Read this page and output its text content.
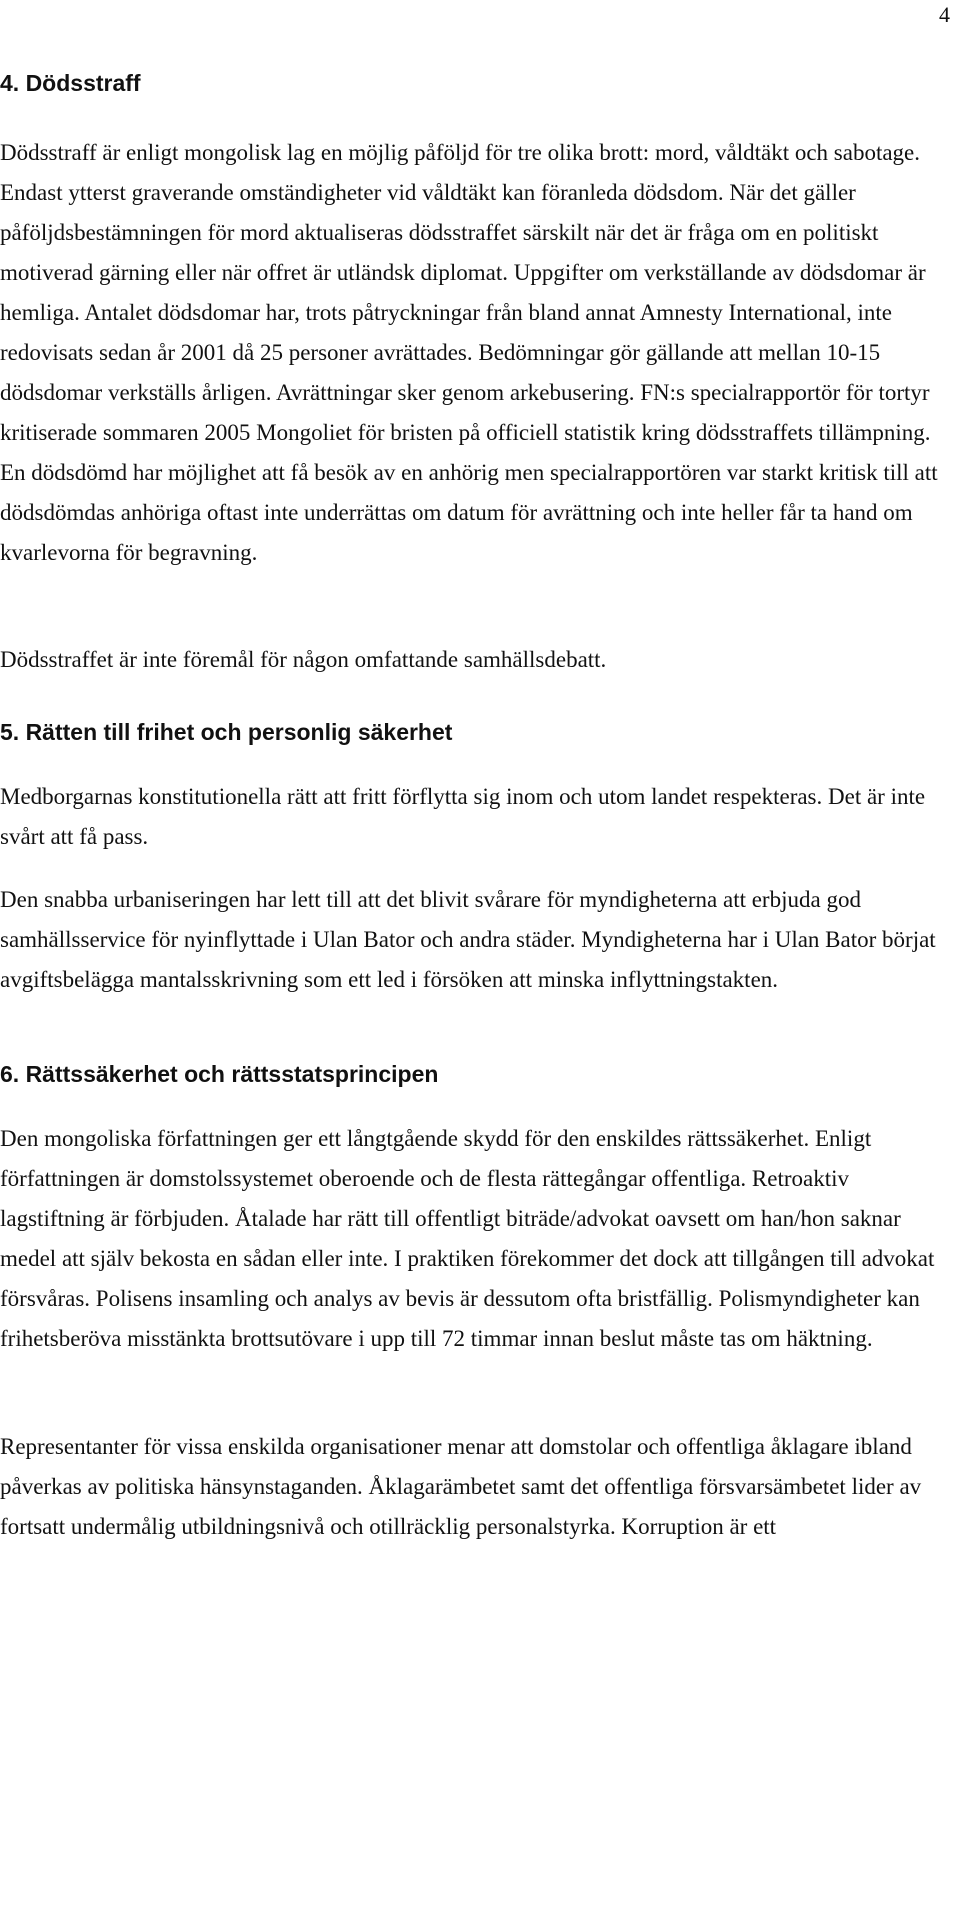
4
4. Dödsstraff

Dödsstraff är enligt mongolisk lag en möjlig påföljd för tre olika brott: mord, våldtäkt och sabotage. Endast ytterst graverande omständigheter vid våldtäkt kan föranleda dödsdom. När det gäller påföljdsbestämningen för mord aktualiseras dödsstraffet särskilt när det är fråga om en politiskt motiverad gärning eller när offret är utländsk diplomat. Uppgifter om verkställande av dödsdomar är hemliga. Antalet dödsdomar har, trots påtryckningar från bland annat Amnesty International, inte redovisats sedan år 2001 då 25 personer avrättades. Bedömningar gör gällande att mellan 10-15 dödsdomar verkställs årligen. Avrättningar sker genom arkebusering. FN:s specialrapportör för tortyr kritiserade sommaren 2005 Mongoliet för bristen på officiell statistik kring dödsstraffets tillämpning. En dödsdömd har möjlighet att få besök av en anhörig men specialrapportören var starkt kritisk till att dödsdömdas anhöriga oftast inte underrättas om datum för avrättning och inte heller får ta hand om kvarlevorna för begravning.

Dödsstraffet är inte föremål för någon omfattande samhällsdebatt.

5. Rätten till frihet och personlig säkerhet

Medborgarnas konstitutionella rätt att fritt förflytta sig inom och utom landet respekteras. Det är inte svårt att få pass.

Den snabba urbaniseringen har lett till att det blivit svårare för myndigheterna att erbjuda god samhällsservice för nyinflyttade i Ulan Bator och andra städer. Myndigheterna har i Ulan Bator börjat avgiftsbelägga mantalsskrivning som ett led i försöken att minska inflyttningstakten.

6. Rättssäkerhet och rättsstatsprincipen

Den mongoliska författningen ger ett långtgående skydd för den enskildes rättssäkerhet. Enligt författningen är domstolssystemet oberoende och de flesta rättegångar offentliga. Retroaktiv lagstiftning är förbjuden. Åtalade har rätt till offentligt biträde/advokat oavsett om han/hon saknar medel att själv bekosta en sådan eller inte. I praktiken förekommer det dock att tillgången till advokat försvåras. Polisens insamling och analys av bevis är dessutom ofta bristfällig. Polismyndigheter kan frihetsberöva misstänkta brottsutövare i upp till 72 timmar innan beslut måste tas om häktning.

Representanter för vissa enskilda organisationer menar att domstolar och offentliga åklagare ibland påverkas av politiska hänsynstaganden. Åklagarämbetet samt det offentliga försvarsämbetet lider av fortsatt undermålig utbildningsnivå och otillräcklig personalstyrka. Korruption är ett
